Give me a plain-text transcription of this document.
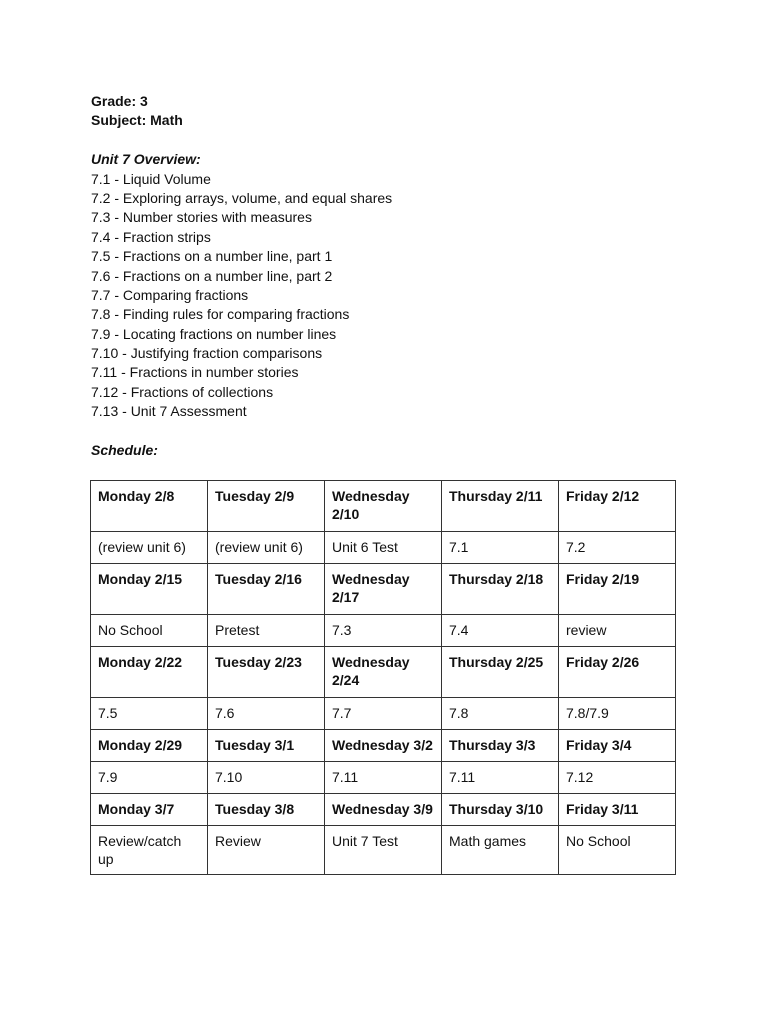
Grade: 3
Subject: Math
Unit 7 Overview:
7.1 - Liquid Volume
7.2 - Exploring arrays, volume, and equal shares
7.3 - Number stories with measures
7.4 - Fraction strips
7.5 - Fractions on a number line, part 1
7.6 - Fractions on a number line, part 2
7.7 - Comparing fractions
7.8 - Finding rules for comparing fractions
7.9 - Locating fractions on number lines
7.10 - Justifying fraction comparisons
7.11 - Fractions in number stories
7.12 - Fractions of collections
7.13 - Unit 7 Assessment
Schedule:
Monday 2/8	Tuesday 2/9	Wednesday 2/10	Thursday 2/11	Friday 2/12
(review unit 6)	(review unit 6)	Unit 6 Test	7.1	7.2
Monday 2/15	Tuesday 2/16	Wednesday 2/17	Thursday 2/18	Friday 2/19
No School	Pretest	7.3	7.4	review
Monday 2/22	Tuesday 2/23	Wednesday 2/24	Thursday 2/25	Friday 2/26
7.5	7.6	7.7	7.8	7.8/7.9
Monday 2/29	Tuesday 3/1	Wednesday 3/2	Thursday 3/3	Friday 3/4
7.9	7.10	7.11	7.11	7.12
Monday 3/7	Tuesday 3/8	Wednesday 3/9	Thursday 3/10	Friday 3/11
Review/catch up	Review	Unit 7 Test	Math games	No School
